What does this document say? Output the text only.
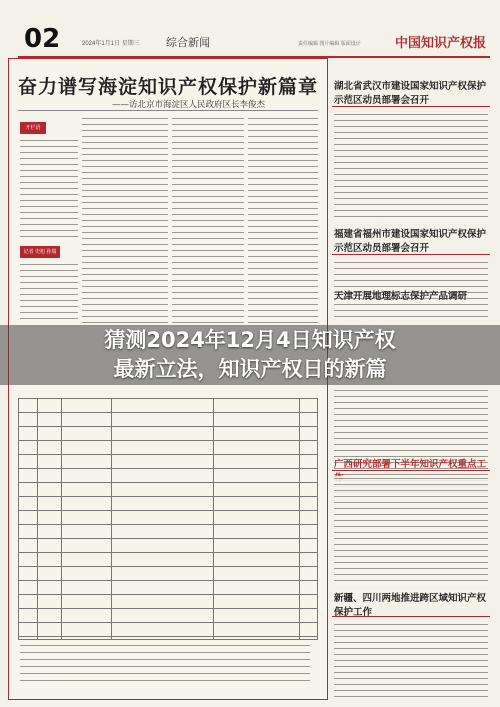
02	2024年1月1日 星期三 综合新闻	责任编辑 图片编辑 版面设计	中国知识产权报
奋力谱写海淀知识产权保护新篇章
——访北京市海淀区人民政府区长李俊杰
开栏语
记者 史旭 孙瑞
湖北省武汉市建设国家知识产权保护示范区动员部署会召开
福建省福州市建设国家知识产权保护示范区动员部署会召开
天津开展地理标志保护产品调研
广西研究部署下半年知识产权重点工
新疆、四川两地推进跨区域知识产权保护工作
猜测2024年12月4日知识产权
最新立法，知识产权日的新篇
